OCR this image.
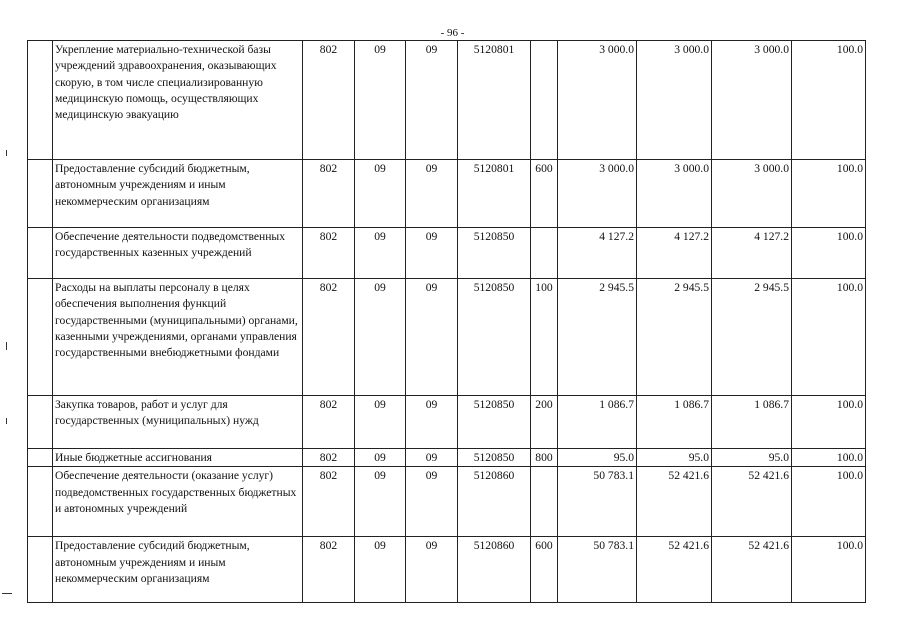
- 96 -
	Укрепление материально-технической базы учреждений здравоохранения, оказывающих скорую, в том числе специализированную медицинскую помощь, осуществляющих медицинскую эвакуацию	802	09	09	5120801		3 000.0	3 000.0	3 000.0	100.0
	Предоставление субсидий бюджетным, автономным учреждениям и иным некоммерческим организациям	802	09	09	5120801	600	3 000.0	3 000.0	3 000.0	100.0
	Обеспечение деятельности подведомственных государственных казенных учреждений	802	09	09	5120850		4 127.2	4 127.2	4 127.2	100.0
	Расходы на выплаты персоналу в целях обеспечения выполнения функций государственными (муниципальными) органами, казенными учреждениями, органами управления государственными внебюджетными фондами	802	09	09	5120850	100	2 945.5	2 945.5	2 945.5	100.0
	Закупка товаров, работ и услуг для государственных (муниципальных) нужд	802	09	09	5120850	200	1 086.7	1 086.7	1 086.7	100.0
	Иные бюджетные ассигнования	802	09	09	5120850	800	95.0	95.0	95.0	100.0
	Обеспечение деятельности (оказание услуг) подведомственных государственных бюджетных и автономных учреждений	802	09	09	5120860		50 783.1	52 421.6	52 421.6	100.0
	Предоставление субсидий бюджетным, автономным учреждениям и иным некоммерческим организациям	802	09	09	5120860	600	50 783.1	52 421.6	52 421.6	100.0
